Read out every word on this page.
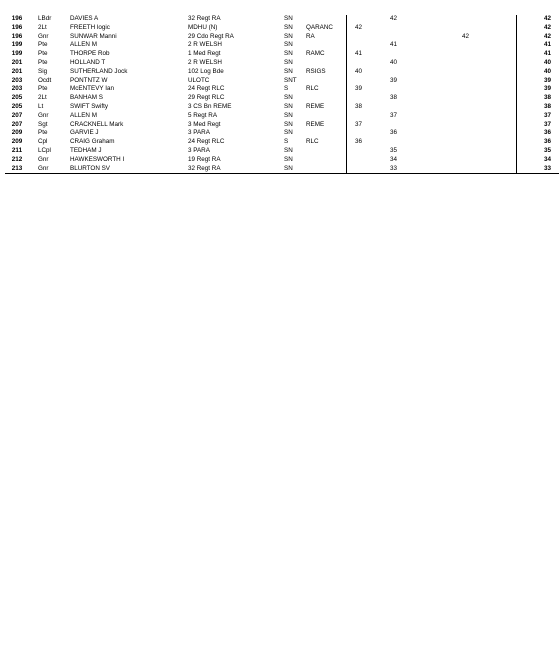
196	LBdr	DAVIES A	32 Regt RA	SN			42		42
196	2Lt	FREETH logic	MDHU (N)	SN	QARANC	42			42
196	Gnr	SUNWAR Manni	29 Cdo Regt RA	SN	RA			42	42
199	Pte	ALLEN M	2 R WELSH	SN			41		41
199	Pte	THORPE Rob	1 Med Regt	SN	RAMC	41			41
201	Pte	HOLLAND T	2 R WELSH	SN			40		40
201	Sig	SUTHERLAND Jock	102 Log Bde	SN	RSIGS	40			40
203	Ocdt	PONTNTZ W	ULOTC	SNT			39		39
203	Pte	McENTEVY Ian	24 Regt RLC	S	RLC	39			39
205	2Lt	BANHAM S	29 Regt RLC	SN			38		38
205	Lt	SWIFT Swifty	3 CS Bn REME	SN	REME	38			38
207	Gnr	ALLEN M	5 Regt RA	SN			37		37
207	Sgt	CRACKNELL Mark	3 Med Regt	SN	REME	37			37
209	Pte	GARVIE J	3 PARA	SN			36		36
209	Cpl	CRAIG Graham	24 Regt RLC	S	RLC	36			36
211	LCpl	TEDHAM J	3 PARA	SN			35		35
212	Gnr	HAWKESWORTH I	19 Regt RA	SN			34		34
213	Gnr	BLURTON SV	32 Regt RA	SN			33		33
